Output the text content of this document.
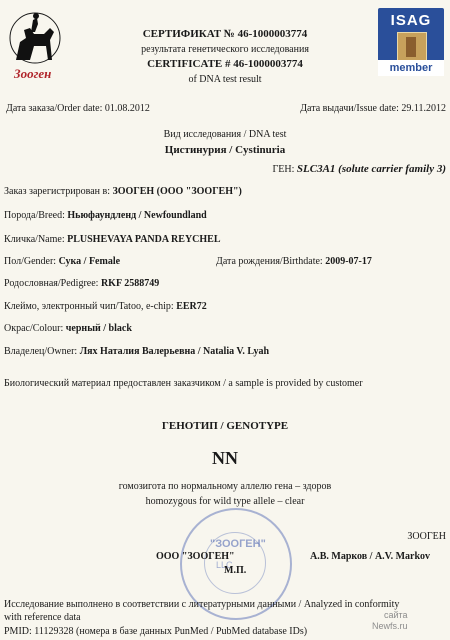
Зоогeн
ISAG
member
СЕРТИФИКАТ № 46-1000003774
результата генетического исследования
CERTIFICATE # 46-1000003774
of DNA test result
Дата заказа/Order date: 01.08.2012	Дата выдачи/Issue date: 29.11.2012
Вид исследования / DNA test
Цистинурия / Cystinuria
ГЕН: SLC3A1 (solute carrier family 3)
Заказ зарегистрирован в: ЗООГЕН (ООО "ЗООГЕН")
Порода/Breed: Ньюфаундленд / Newfoundland
Кличка/Name: PLUSHEVAYA PANDA REYCHEL
Пол/Gender: Сука / Female	Дата рождения/Birthdate: 2009-07-17
Родословная/Pedigree: RKF 2588749
Клеймо, электронный чип/Tatoo, e-chip: EER72
Окрас/Colour: черный / black
Владелец/Owner: Лях Наталия Валерьевна / Natalia V. Lyah
Биологический материал предоставлен заказчиком / a sample is provided by customer
ГЕНОТИП / GENOTYPE
NN
гомозигота по нормальному аллелю гена – здоров
homozygous for wild type allele – clear
"ЗООГЕН"
LLC
ЗООГЕН
ООО "ЗООГЕН"
М.П.
А.В. Марков / A.V. Markov
Исследование выполнено в соответствии с литературными данными / Analyzed in conformity
with reference data
PMID: 11129328 (номера в базе данных PunMed / PubMed database IDs)
сайта
Newfs.ru
